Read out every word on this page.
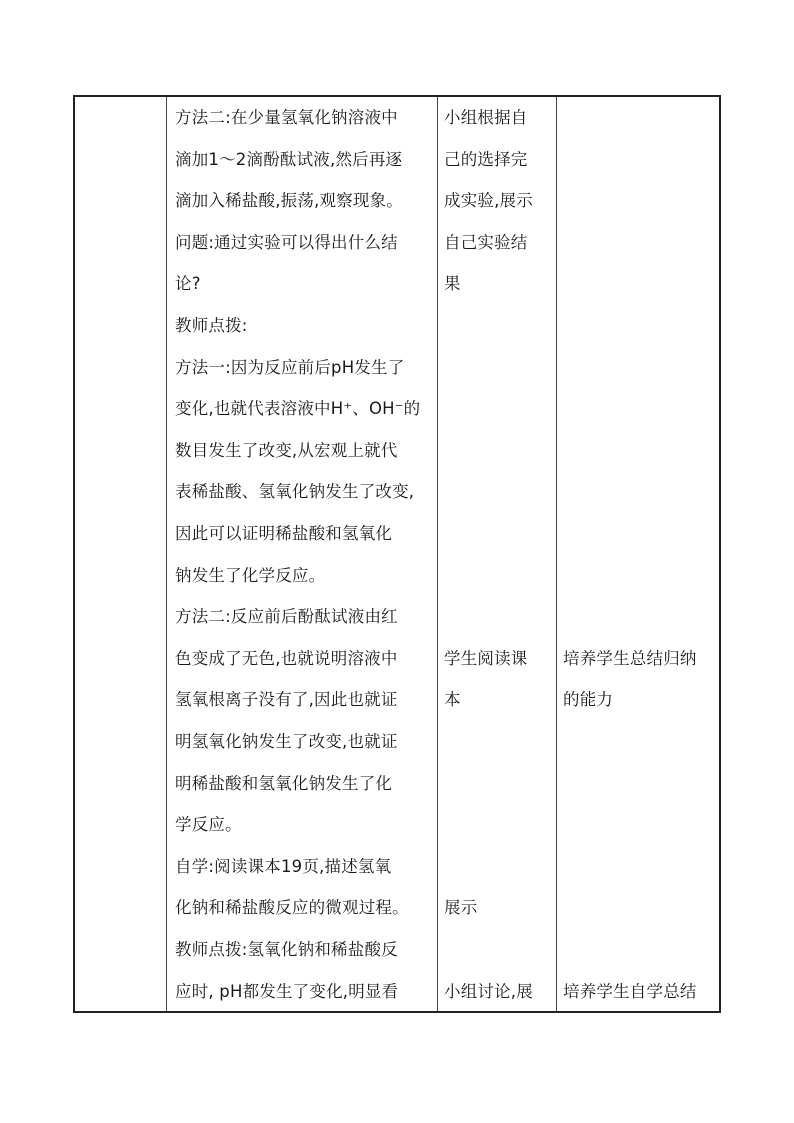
方法二:在少量氢氧化钠溶液中
滴加1～2滴酚酞试液,然后再逐
滴加入稀盐酸,振荡,观察现象。
问题:通过实验可以得出什么结
论?
教师点拨:
方法一:因为反应前后pH发生了
变化,也就代表溶液中H⁺、OH⁻的
数目发生了改变,从宏观上就代
表稀盐酸、氢氧化钠发生了改变,
因此可以证明稀盐酸和氢氧化
钠发生了化学反应。
方法二:反应前后酚酞试液由红
色变成了无色,也就说明溶液中
氢氧根离子没有了,因此也就证
明氢氧化钠发生了改变,也就证
明稀盐酸和氢氧化钠发生了化
学反应。
自学:阅读课本19页,描述氢氧
化钠和稀盐酸反应的微观过程。
教师点拨:氢氧化钠和稀盐酸反
应时, pH都发生了变化,明显看
小组根据自
己的选择完
成实验,展示
自己实验结
果
学生阅读课
本
展示
小组讨论,展
培养学生总结归纳
的能力
培养学生自学总结
